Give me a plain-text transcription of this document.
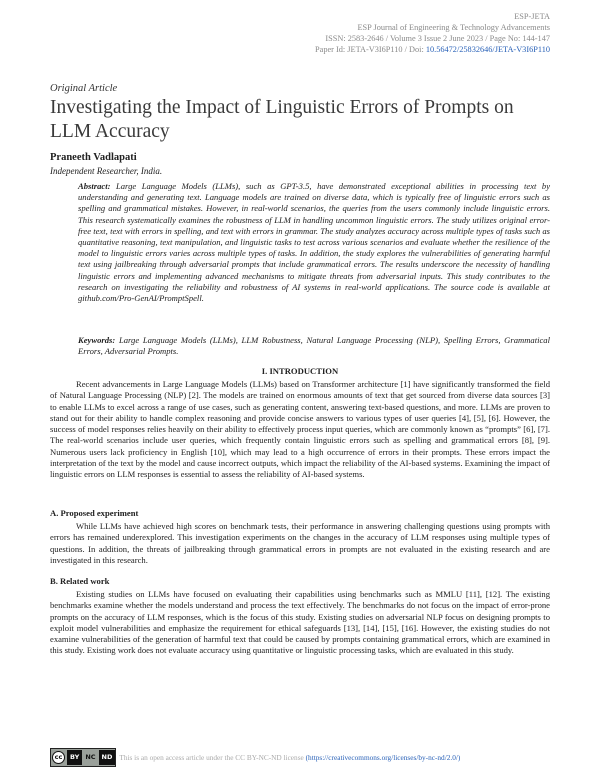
ESP-JETA
ESP Journal of Engineering & Technology Advancements
ISSN: 2583-2646 / Volume 3 Issue 2 June 2023 / Page No: 144-147
Paper Id: JETA-V3I6P110 / Doi: 10.56472/25832646/JETA-V3I6P110
Original Article
Investigating the Impact of Linguistic Errors of Prompts on LLM Accuracy
Praneeth Vadlapati
Independent Researcher, India.
Abstract: Large Language Models (LLMs), such as GPT-3.5, have demonstrated exceptional abilities in processing text by understanding and generating text. Language models are trained on diverse data, which is typically free of linguistic errors such as spelling and grammatical mistakes. However, in real-world scenarios, the queries from the users commonly include linguistic errors. This research systematically examines the robustness of LLM in handling uncommon linguistic errors. The study utilizes original error-free text, text with errors in spelling, and text with errors in grammar. The study analyzes accuracy across multiple types of tasks such as quantitative reasoning, text manipulation, and linguistic tasks to test across various scenarios and evaluate whether the resilience of the model to linguistic errors varies across multiple types of tasks. In addition, the study explores the vulnerabilities of generating harmful text using jailbreaking through adversarial prompts that include grammatical errors. The results underscore the necessity of handling linguistic errors and implementing advanced mechanisms to mitigate threats from adversarial inputs. This study contributes to the research on investigating the reliability and robustness of AI systems in real-world applications. The source code is available at github.com/Pro-GenAI/PromptSpell.
Keywords: Large Language Models (LLMs), LLM Robustness, Natural Language Processing (NLP), Spelling Errors, Grammatical Errors, Adversarial Prompts.
I. INTRODUCTION

Recent advancements in Large Language Models (LLMs) based on Transformer architecture [1] have significantly transformed the field of Natural Language Processing (NLP) [2]. The models are trained on enormous amounts of text that get sourced from diverse data sources [3] to enable LLMs to excel across a range of use cases, such as generating content, answering text-based questions, and more. LLMs are proven to stand out for their ability to handle complex reasoning and provide concise answers to various types of user queries [4], [5], [6]. However, the success of model responses relies heavily on their ability to effectively process input queries, which are commonly known as “prompts” [6], [7]. The real-world scenarios include user queries, which frequently contain linguistic errors such as spelling and grammatical errors [8], [9]. Numerous users lack proficiency in English [10], which may lead to a high occurrence of errors in their prompts. These errors impact the interpretation of the text by the model and cause incorrect outputs, which impact the reliability of the AI-based systems. Examining the impact of linguistic errors on LLM responses is essential to assess the reliability of AI-based systems.

A. Proposed experiment

While LLMs have achieved high scores on benchmark tests, their performance in answering challenging questions using prompts with errors has remained underexplored. This investigation experiments on the changes in the accuracy of LLM responses using multiple types of questions. In addition, the threats of jailbreaking through grammatical errors in prompts are not evaluated in the existing research and are investigated in this research.

B. Related work

Existing studies on LLMs have focused on evaluating their capabilities using benchmarks such as MMLU [11], [12]. The existing benchmarks examine whether the models understand and process the text effectively. The benchmarks do not focus on the impact of error-prone prompts on the accuracy of LLM responses, which is the focus of this study. Existing studies on adversarial NLP focus on designing prompts to exploit model vulnerabilities and emphasize the requirement for ethical safeguards [13], [14], [15], [16]. However, the existing studies do not examine vulnerabilities of the generation of harmful text that could be caused by prompts containing grammatical errors, which are examined in this study. Existing work does not evaluate accuracy using quantitative or linguistic processing tasks, which are evaluated in this study.

cc	BY NC ND This is an open access article under the CC BY-NC-ND license (https://creativecommons.org/licenses/by-nc-nd/2.0/)
